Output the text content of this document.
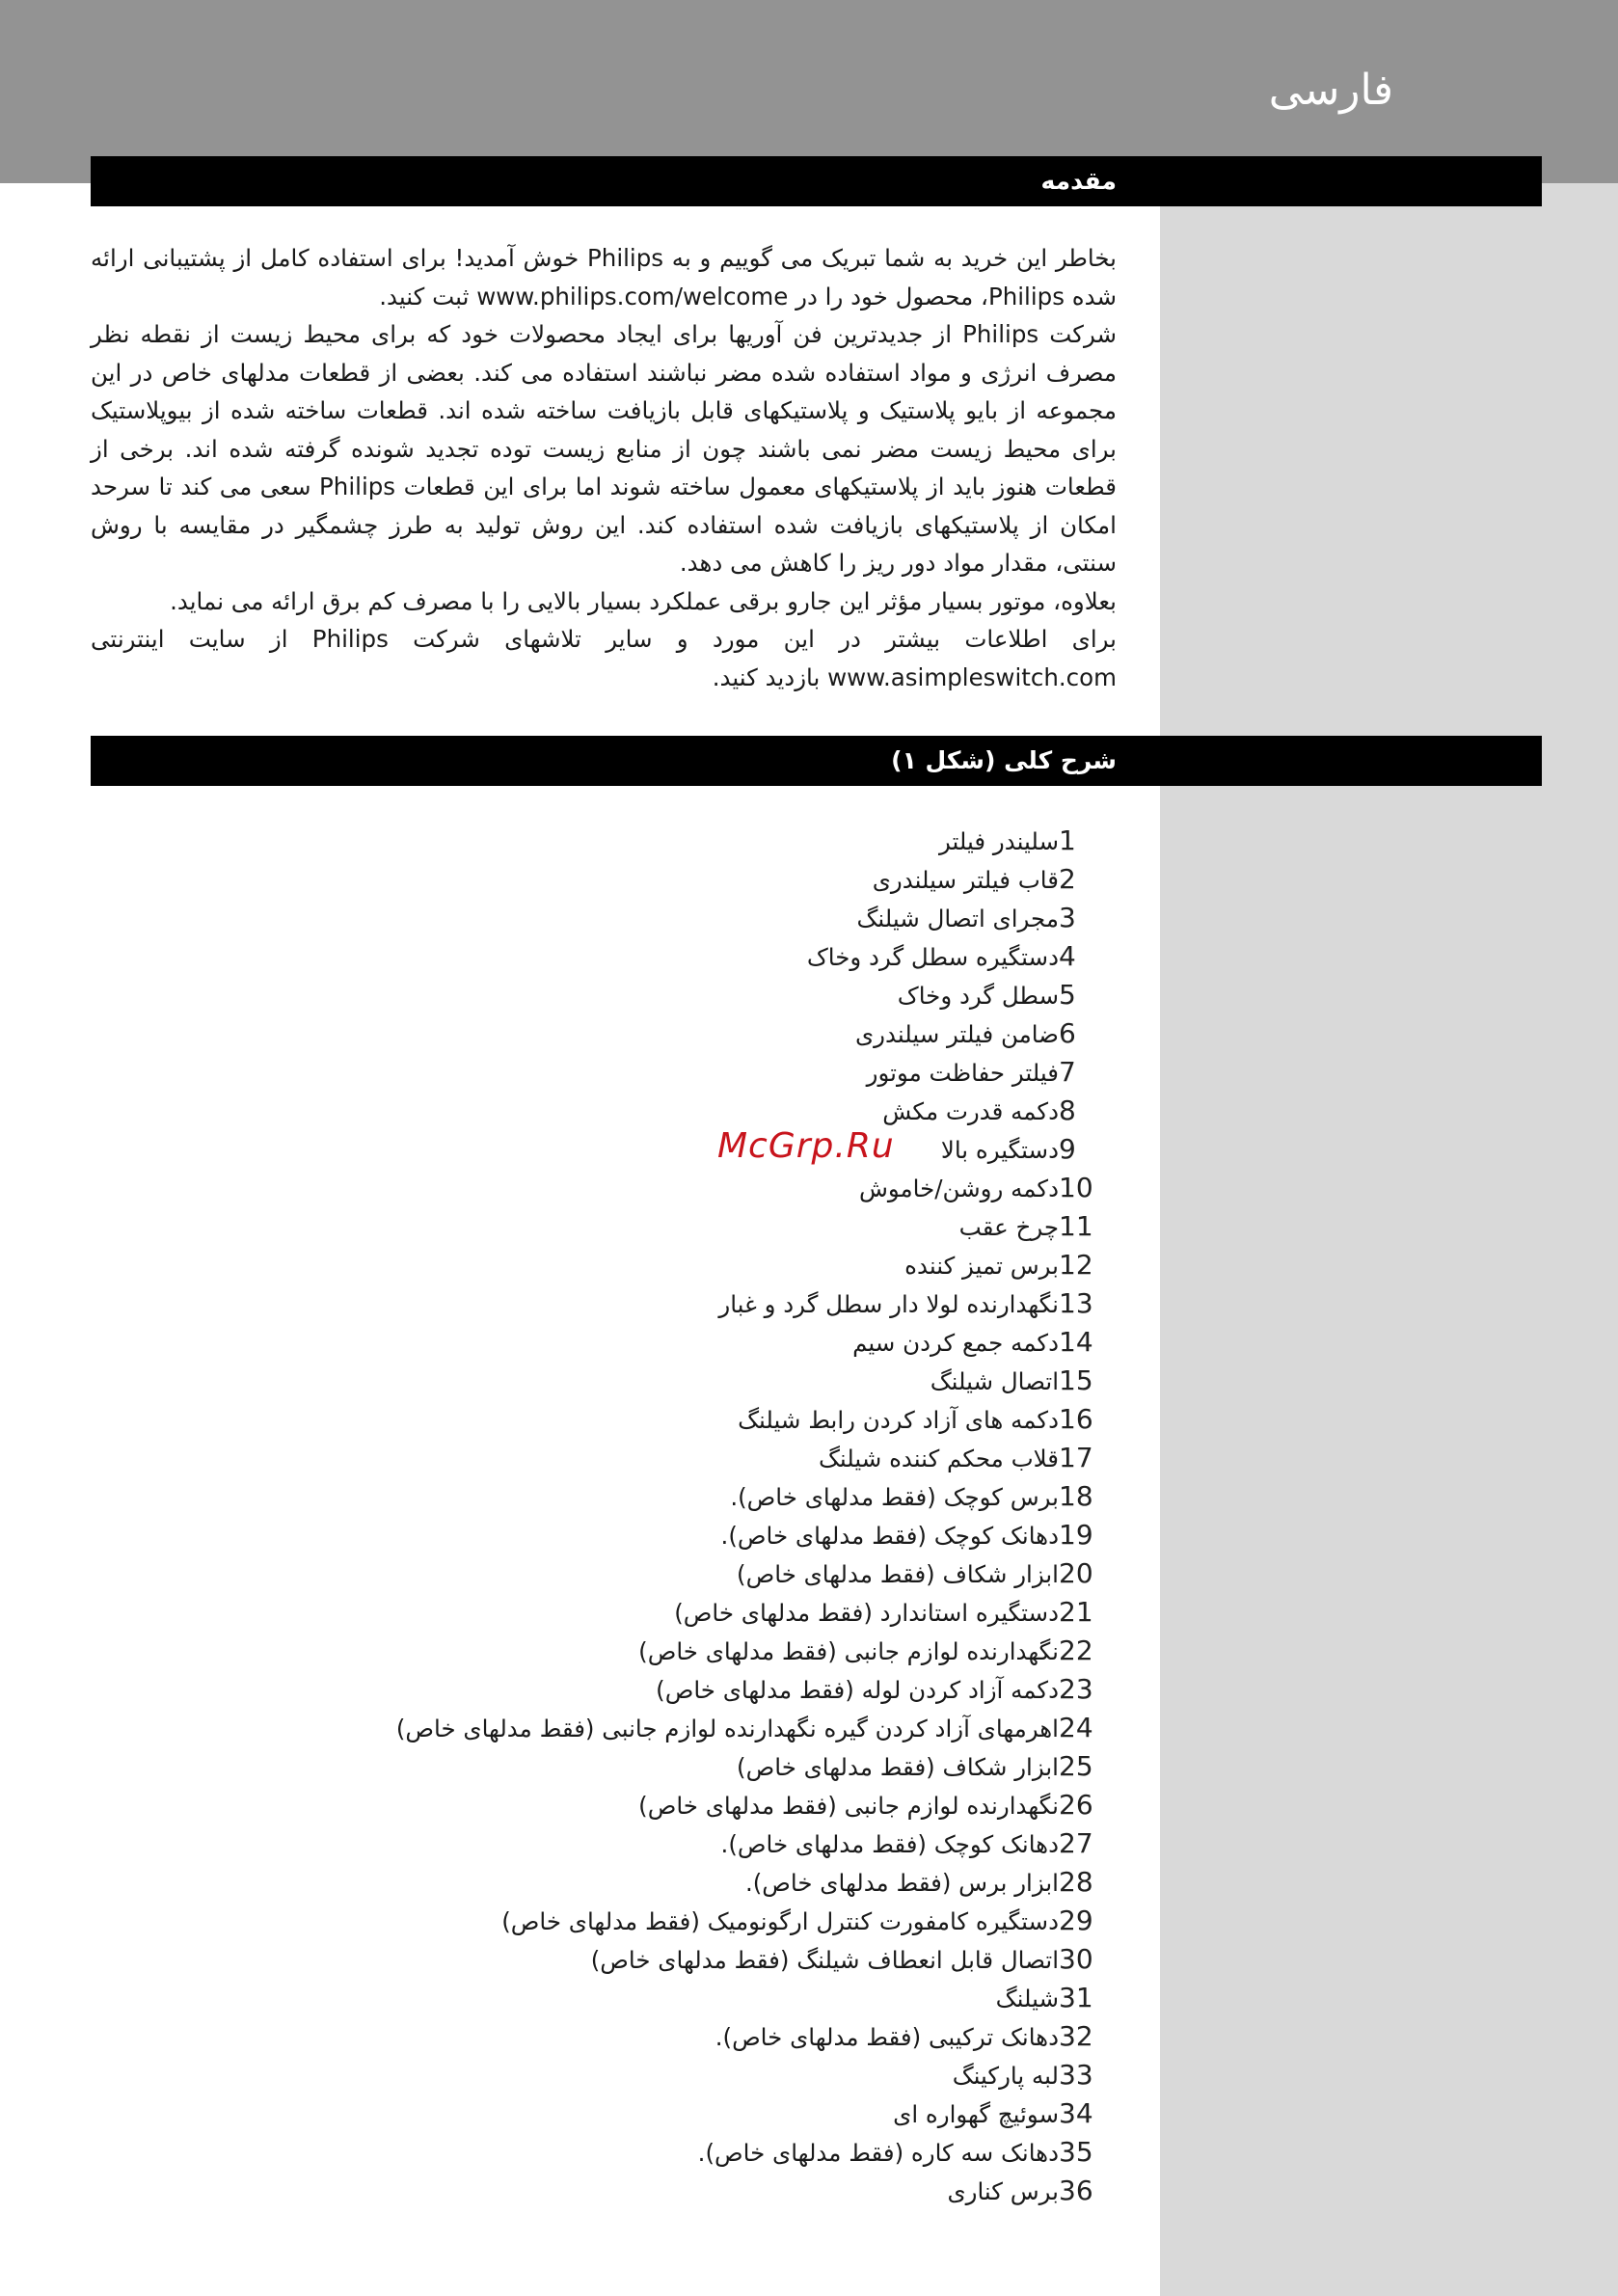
فارسی
مقدمه

بخاطر این خرید به شما تبریک می گوییم و به Philips خوش آمدید! برای استفاده کامل از پشتیبانی ارائه شده Philips، محصول خود را در www.philips.com/welcome ثبت کنید.

شرکت Philips از جدیدترین فن آوریها برای ایجاد محصولات خود که برای محیط زیست از نقطه نظر مصرف انرژی و مواد استفاده شده مضر نباشند استفاده می کند. بعضی از قطعات مدلهای خاص در این مجموعه از بایو پلاستیک و پلاستیکهای قابل بازیافت ساخته شده اند. قطعات ساخته شده از بیوپلاستیک برای محیط زیست مضر نمی باشند چون از منابع زیست توده تجدید شونده گرفته شده اند. برخی از قطعات هنوز باید از پلاستیکهای معمول ساخته شوند اما برای این قطعات Philips سعی می کند تا سرحد امکان از پلاستیکهای بازیافت شده استفاده کند. این روش تولید به طرز چشمگیر در مقایسه با روش سنتی، مقدار مواد دور ریز را کاهش می دهد.

بعلاوه، موتور بسیار مؤثر این جارو برقی عملکرد بسیار بالایی را با مصرف کم برق ارائه می نماید.

برای اطلاعات بیشتر در این مورد و سایر تلاشهای شرکت Philips از سایت اینترنتی www.asimpleswitch.com بازدید کنید.

شرح کلی (شکل ۱)
1سلیندر فیلتر
2قاب فیلتر سیلندری
3مجرای اتصال شیلنگ
4دستگیره سطل گرد وخاک
5سطل گرد وخاک
6ضامن فیلتر سیلندری
7فیلتر حفاظت موتور
8دکمه قدرت مکش
9دستگیره بالا
10دکمه روشن/خاموش
11چرخ عقب
12برس تمیز کننده
13نگهدارنده لولا دار سطل گرد و غبار
14دکمه جمع کردن سیم
15اتصال شیلنگ
16دکمه های آزاد کردن رابط شیلنگ
17قلاب محکم کننده شیلنگ
18برس کوچک (فقط مدلهای خاص).
19دهانک کوچک (فقط مدلهای خاص).
20ابزار شکاف (فقط مدلهای خاص)
21دستگیره استاندارد (فقط مدلهای خاص)
22نگهدارنده لوازم جانبی (فقط مدلهای خاص)
23دکمه آزاد کردن لوله (فقط مدلهای خاص)
24اهرمهای آزاد کردن گیره نگهدارنده لوازم جانبی (فقط مدلهای خاص)
25ابزار شکاف (فقط مدلهای خاص)
26نگهدارنده لوازم جانبی (فقط مدلهای خاص)
27دهانک کوچک (فقط مدلهای خاص).
28ابزار برس (فقط مدلهای خاص).
29دستگیره کامفورت کنترل ارگونومیک (فقط مدلهای خاص)
30اتصال قابل انعطاف شیلنگ (فقط مدلهای خاص)
31شیلنگ
32دهانک ترکیبی (فقط مدلهای خاص).
33لبه پارکینگ
34سوئیچ گهواره ای
35دهانک سه کاره (فقط مدلهای خاص).
36برس کناری
McGrp.Ru
